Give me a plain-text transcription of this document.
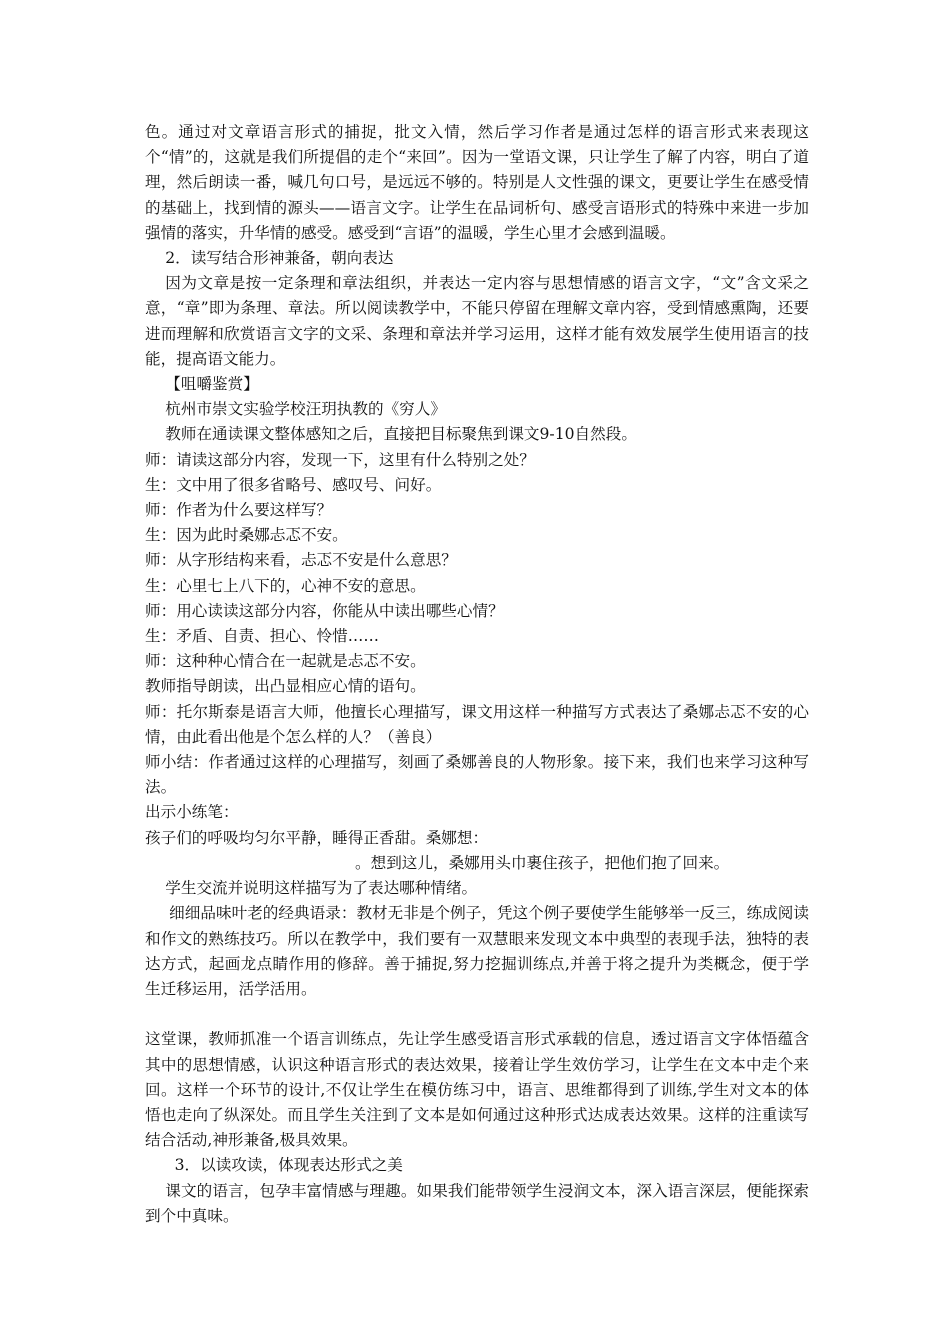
色。通过对文章语言形式的捕捉，批文入情，然后学习作者是通过怎样的语言形式来表现这个“情”的，这就是我们所提倡的走个“来回”。因为一堂语文课，只让学生了解了内容，明白了道理，然后朗读一番，喊几句口号，是远远不够的。特别是人文性强的课文，更要让学生在感受情的基础上，找到情的源头——语言文字。让学生在品词析句、感受言语形式的特殊中来进一步加强情的落实，升华情的感受。感受到“言语”的温暖，学生心里才会感到温暖。

2．读写结合形神兼备，朝向表达

因为文章是按一定条理和章法组织，并表达一定内容与思想情感的语言文字，“文”含文采之意，“章”即为条理、章法。所以阅读教学中，不能只停留在理解文章内容，受到情感熏陶，还要进而理解和欣赏语言文字的文采、条理和章法并学习运用，这样才能有效发展学生使用语言的技能，提高语文能力。

【咀嚼鉴赏】

杭州市崇文实验学校汪玥执教的《穷人》

教师在通读课文整体感知之后，直接把目标聚焦到课文9-10自然段。

师：请读这部分内容，发现一下，这里有什么特别之处？

生：文中用了很多省略号、感叹号、问好。

师：作者为什么要这样写？

生：因为此时桑娜忐忑不安。

师：从字形结构来看，忐忑不安是什么意思？

生：心里七上八下的，心神不安的意思。

师：用心读读这部分内容，你能从中读出哪些心情？

生：矛盾、自责、担心、怜惜……

师：这种种心情合在一起就是忐忑不安。

教师指导朗读，出凸显相应心情的语句。

师：托尔斯泰是语言大师，他擅长心理描写，课文用这样一种描写方式表达了桑娜忐忑不安的心情，由此看出他是个怎么样的人？（善良）

师小结：作者通过这样的心理描写，刻画了桑娜善良的人物形象。接下来，我们也来学习这种写法。

出示小练笔：

孩子们的呼吸均匀尔平静，睡得正香甜。桑娜想：

。想到这儿，桑娜用头巾裹住孩子，把他们抱了回来。

学生交流并说明这样描写为了表达哪种情绪。

细细品味叶老的经典语录：教材无非是个例子，凭这个例子要使学生能够举一反三，练成阅读和作文的熟练技巧。所以在教学中，我们要有一双慧眼来发现文本中典型的表现手法，独特的表达方式，起画龙点睛作用的修辞。善于捕捉,努力挖掘训练点,并善于将之提升为类概念，便于学生迁移运用，活学活用。

这堂课，教师抓准一个语言训练点，先让学生感受语言形式承载的信息，透过语言文字体悟蕴含其中的思想情感，认识这种语言形式的表达效果，接着让学生效仿学习，让学生在文本中走个来回。这样一个环节的设计,不仅让学生在模仿练习中，语言、思维都得到了训练,学生对文本的体悟也走向了纵深处。而且学生关注到了文本是如何通过这种形式达成表达效果。这样的注重读写结合活动,神形兼备,极具效果。

3．以读攻读，体现表达形式之美

课文的语言，包孕丰富情感与理趣。如果我们能带领学生浸润文本，深入语言深层，便能探索到个中真味。
